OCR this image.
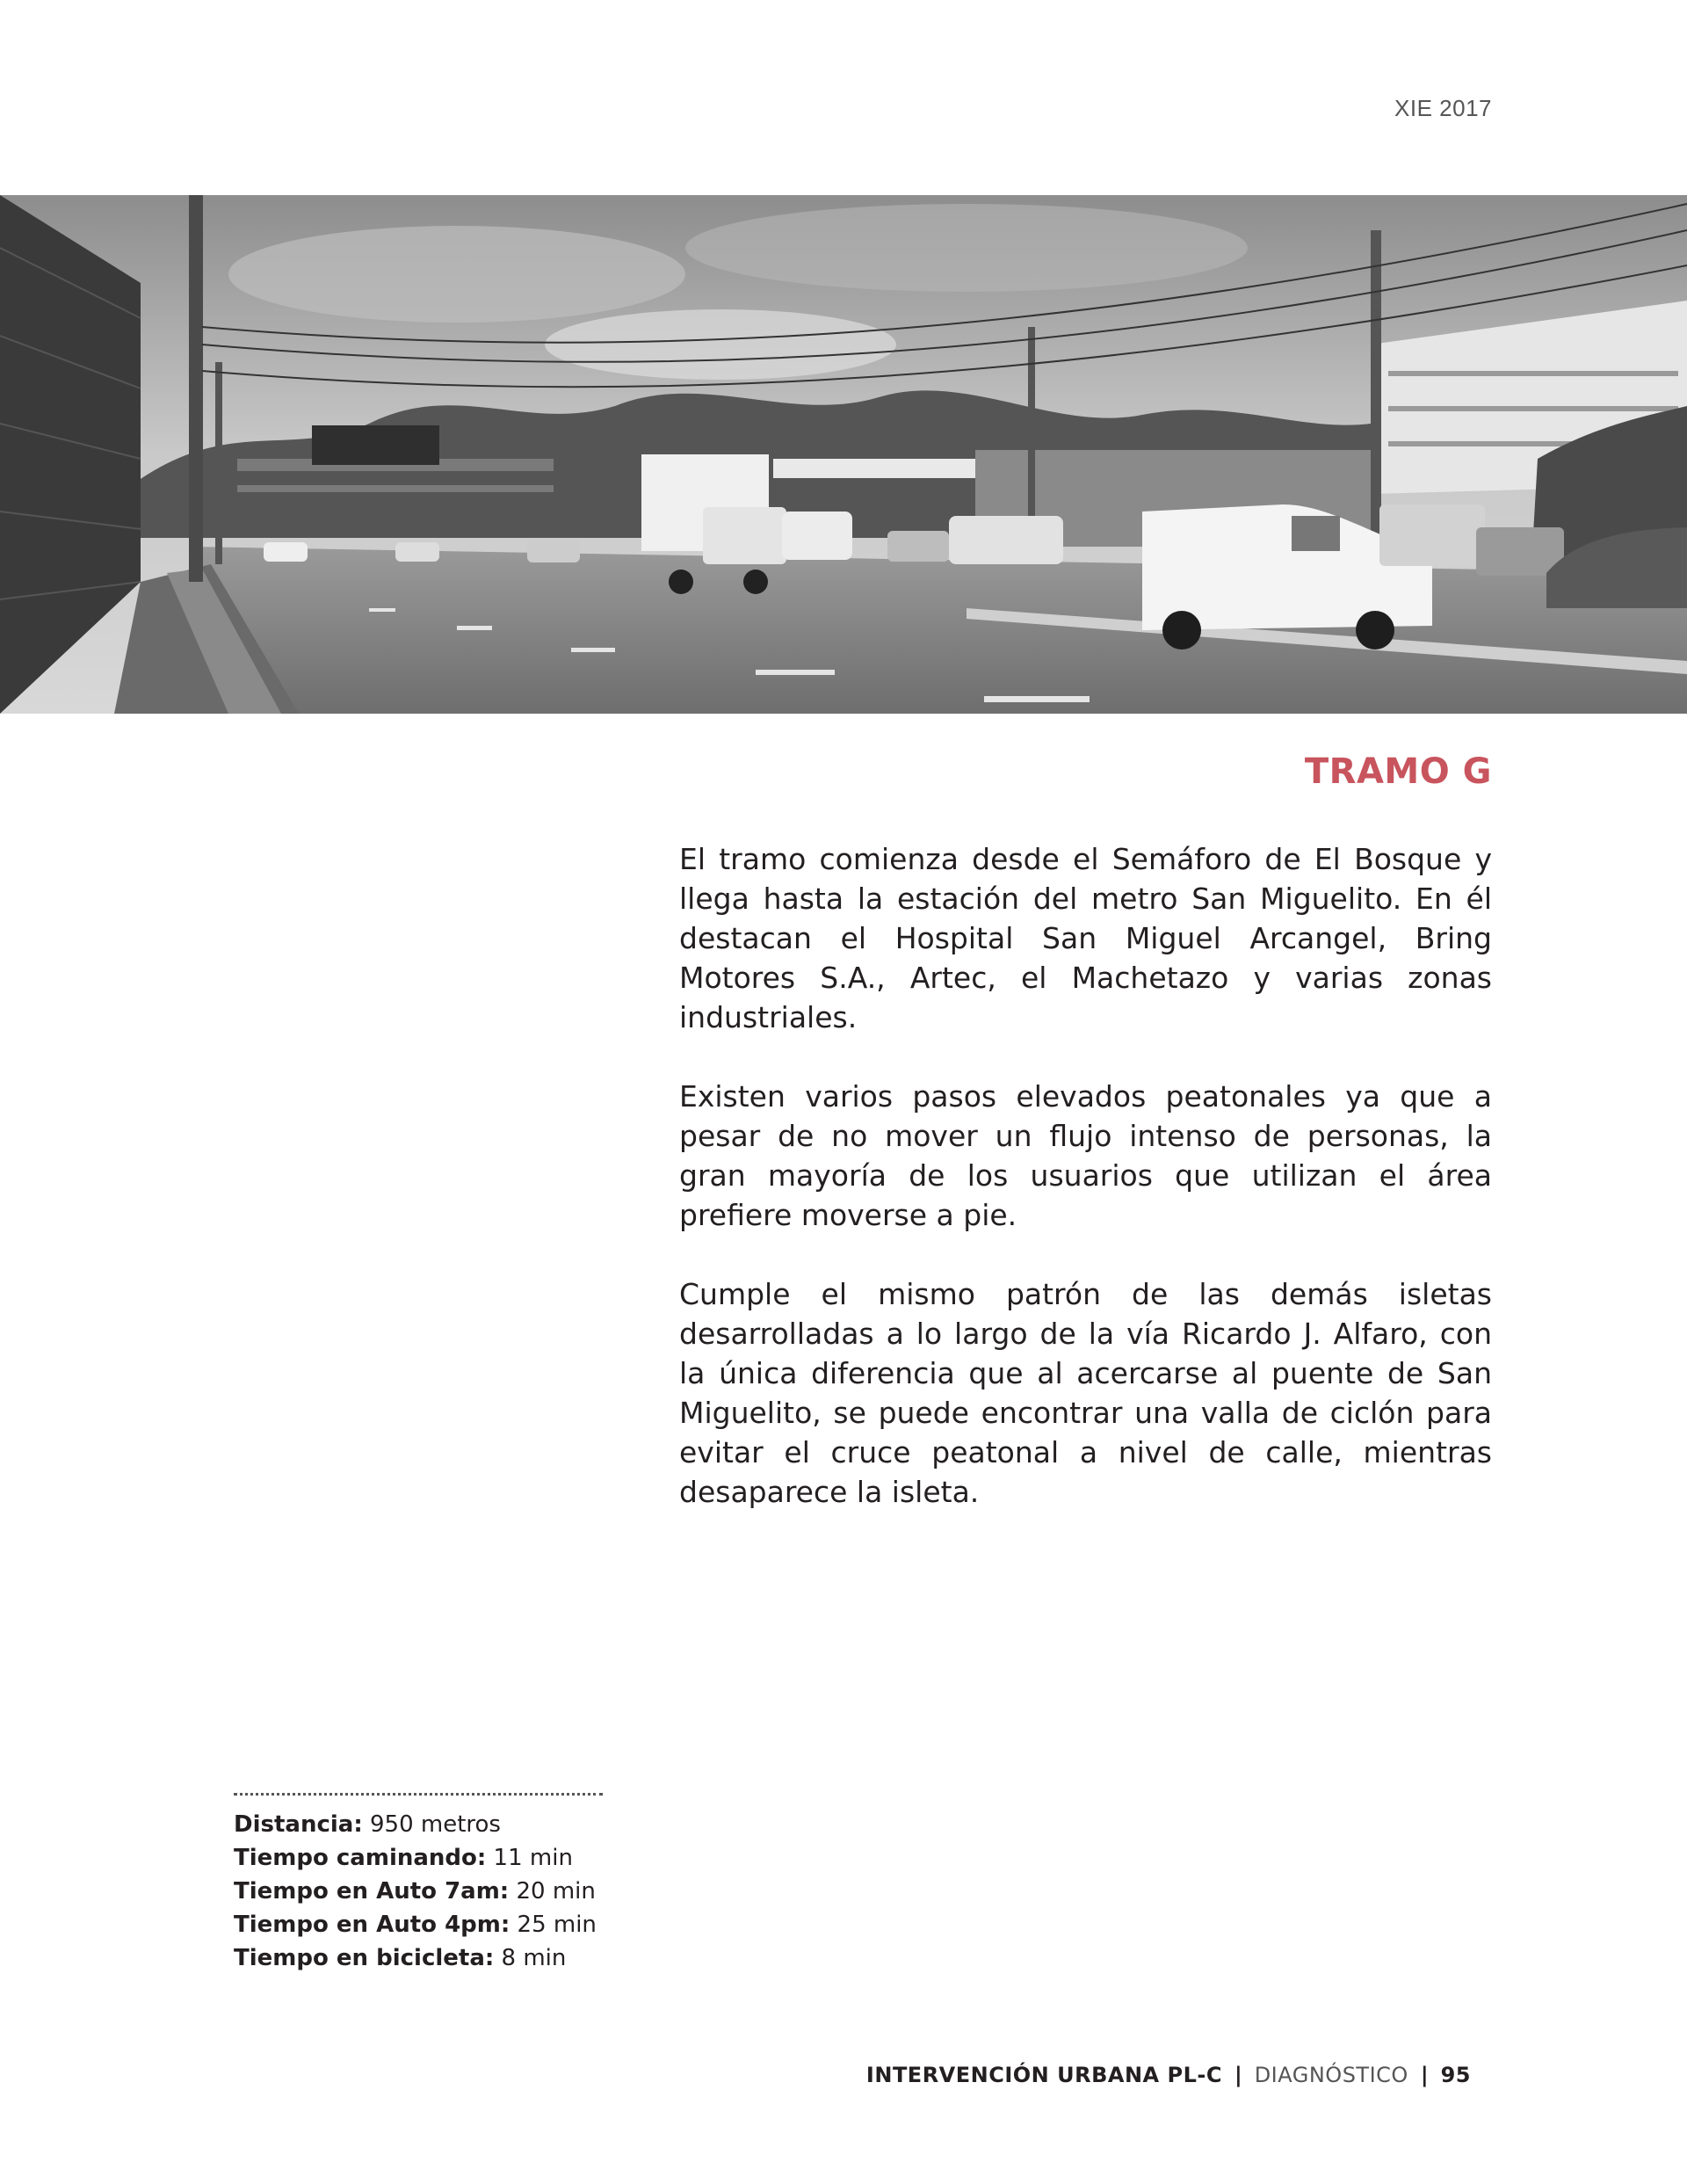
XIE 2017
TRAMO G

El tramo comienza desde el Semáforo de El Bosque y llega hasta la estación del metro San Miguelito. En él destacan el Hospital San Miguel Arcangel, Bring Motores S.A., Artec, el Machetazo y varias zonas industriales.

Existen varios pasos elevados peatonales ya que a pesar de no mover un flujo intenso de personas, la gran mayoría de los usuarios que utilizan el área prefiere moverse a pie.

Cumple el mismo patrón de las demás isletas desarrolladas a lo largo de la vía Ricardo J. Alfaro, con la única diferencia que al acercarse al puente de San Miguelito, se puede encontrar una valla de ciclón para evitar el cruce peatonal a nivel de calle, mientras desaparece la isleta.

Distancia: 950 metros
Tiempo caminando: 11 min
Tiempo en Auto 7am: 20 min
Tiempo en Auto 4pm: 25 min
Tiempo en bicicleta: 8 min
INTERVENCIÓN URBANA PL-C | DIAGNÓSTICO | 95
